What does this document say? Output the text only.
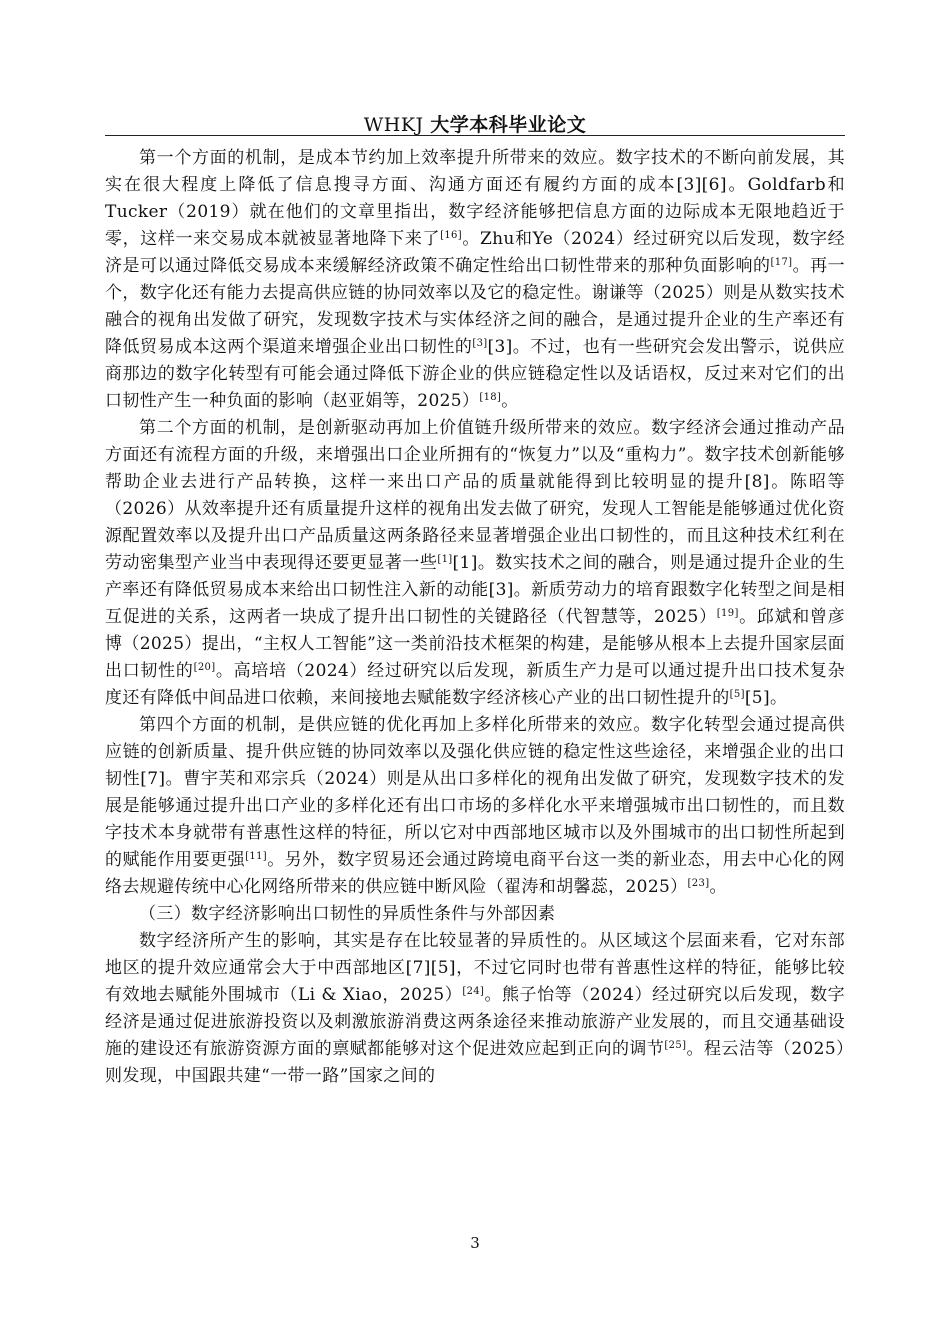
WHKJ 大学本科毕业论文

第一个方面的机制，是成本节约加上效率提升所带来的效应。数字技术的不断向前发展，其实在很大程度上降低了信息搜寻方面、沟通方面还有履约方面的成本[3][6]。Goldfarb和Tucker（2019）就在他们的文章里指出，数字经济能够把信息方面的边际成本无限地趋近于零，这样一来交易成本就被显著地降下来了[16]。Zhu和Ye（2024）经过研究以后发现，数字经济是可以通过降低交易成本来缓解经济政策不确定性给出口韧性带来的那种负面影响的[17]。再一个，数字化还有能力去提高供应链的协同效率以及它的稳定性。谢谦等（2025）则是从数实技术融合的视角出发做了研究，发现数字技术与实体经济之间的融合，是通过提升企业的生产率还有降低贸易成本这两个渠道来增强企业出口韧性的[3][3]。不过，也有一些研究会发出警示，说供应商那边的数字化转型有可能会通过降低下游企业的供应链稳定性以及话语权，反过来对它们的出口韧性产生一种负面的影响（赵亚娟等，2025）[18]。

第二个方面的机制，是创新驱动再加上价值链升级所带来的效应。数字经济会通过推动产品方面还有流程方面的升级，来增强出口企业所拥有的“恢复力”以及“重构力”。数字技术创新能够帮助企业去进行产品转换，这样一来出口产品的质量就能得到比较明显的提升[8]。陈昭等（2026）从效率提升还有质量提升这样的视角出发去做了研究，发现人工智能是能够通过优化资源配置效率以及提升出口产品质量这两条路径来显著增强企业出口韧性的，而且这种技术红利在劳动密集型产业当中表现得还要更显著一些[1][1]。数实技术之间的融合，则是通过提升企业的生产率还有降低贸易成本来给出口韧性注入新的动能[3]。新质劳动力的培育跟数字化转型之间是相互促进的关系，这两者一块成了提升出口韧性的关键路径（代智慧等，2025）[19]。邱斌和曾彦博（2025）提出，“主权人工智能”这一类前沿技术框架的构建，是能够从根本上去提升国家层面出口韧性的[20]。高培培（2024）经过研究以后发现，新质生产力是可以通过提升出口技术复杂度还有降低中间品进口依赖，来间接地去赋能数字经济核心产业的出口韧性提升的[5][5]。

第四个方面的机制，是供应链的优化再加上多样化所带来的效应。数字化转型会通过提高供应链的创新质量、提升供应链的协同效率以及强化供应链的稳定性这些途径，来增强企业的出口韧性[7]。曹宇芙和邓宗兵（2024）则是从出口多样化的视角出发做了研究，发现数字技术的发展是能够通过提升出口产业的多样化还有出口市场的多样化水平来增强城市出口韧性的，而且数字技术本身就带有普惠性这样的特征，所以它对中西部地区城市以及外围城市的出口韧性所起到的赋能作用要更强[11]。另外，数字贸易还会通过跨境电商平台这一类的新业态，用去中心化的网络去规避传统中心化网络所带来的供应链中断风险（翟涛和胡馨蕊，2025）[23]。

（三）数字经济影响出口韧性的异质性条件与外部因素

数字经济所产生的影响，其实是存在比较显著的异质性的。从区域这个层面来看，它对东部地区的提升效应通常会大于中西部地区[7][5]，不过它同时也带有普惠性这样的特征，能够比较有效地去赋能外围城市（Li & Xiao，2025）[24]。熊子怡等（2024）经过研究以后发现，数字经济是通过促进旅游投资以及刺激旅游消费这两条途径来推动旅游产业发展的，而且交通基础设施的建设还有旅游资源方面的禀赋都能够对这个促进效应起到正向的调节[25]。程云洁等（2025）则发现，中国跟共建“一带一路”国家之间的

3
